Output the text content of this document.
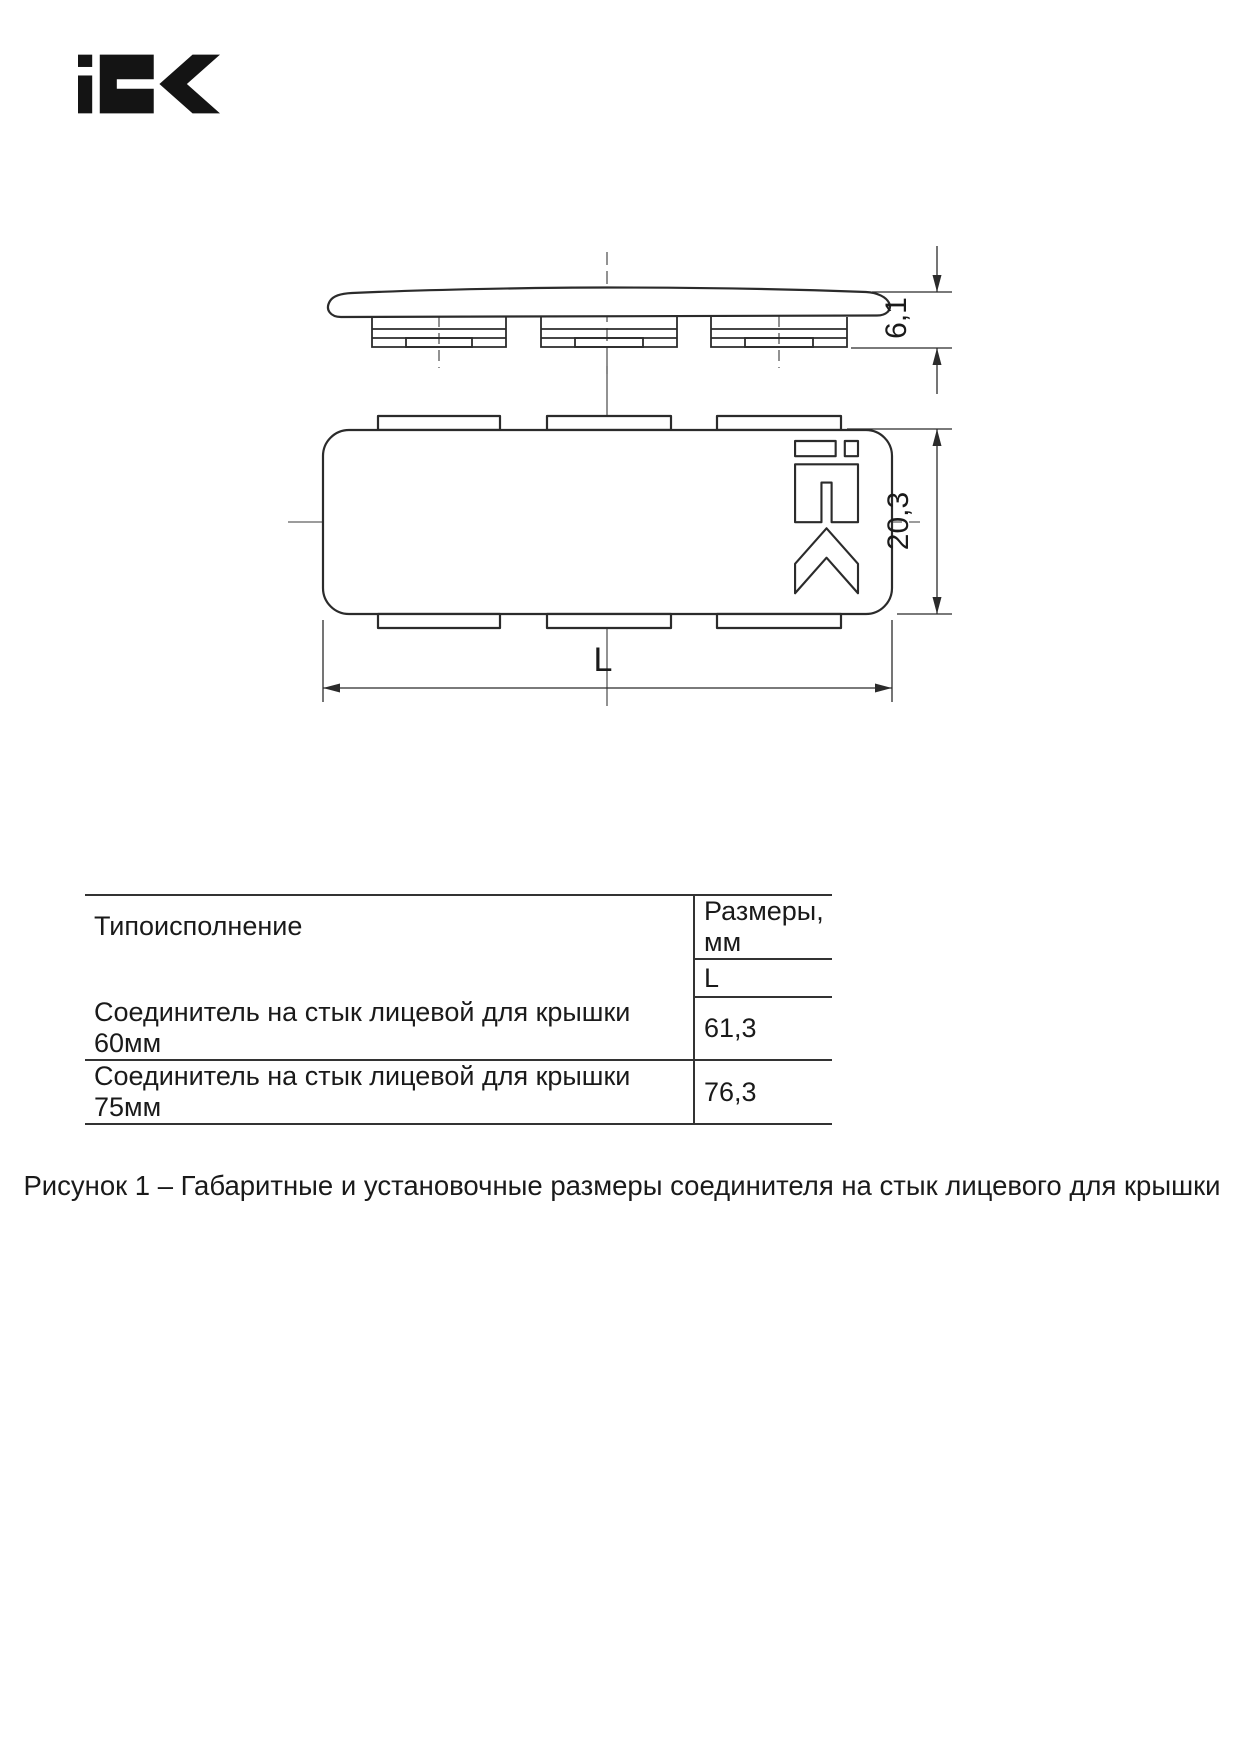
6,1
20,3
L
Типоисполнение	Размеры, мм
	L
Соединитель на стык лицевой для крышки 60мм	61,3
Соединитель на стык лицевой для крышки 75мм	76,3
Рисунок 1 – Габаритные и установочные размеры соединителя на стык лицевого для крышки
